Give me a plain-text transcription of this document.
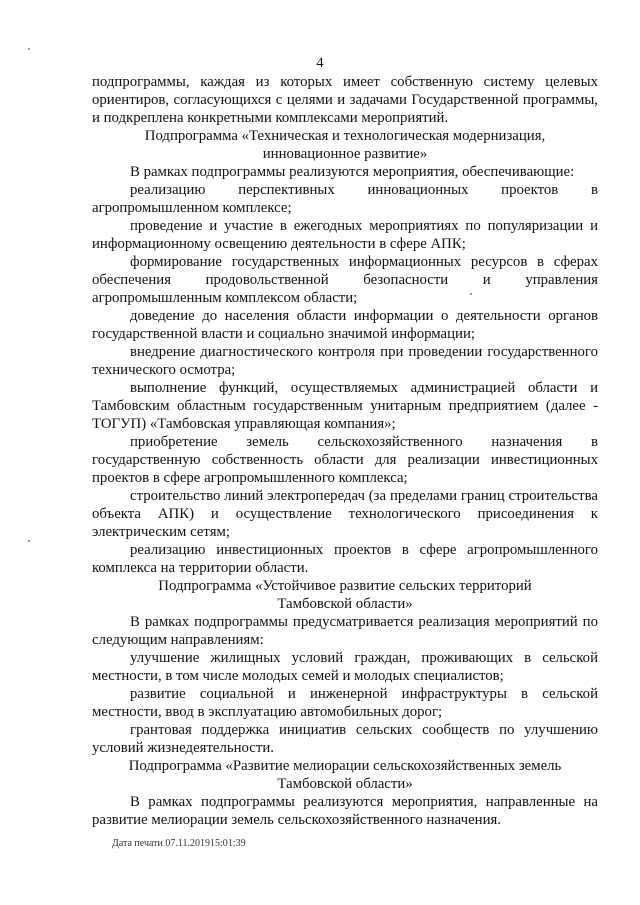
4

подпрограммы, каждая из которых имеет собственную систему целевых ориентиров, согласующихся с целями и задачами Государственной программы, и подкреплена конкретными комплексами мероприятий.

Подпрограмма «Техническая и технологическая модернизация,
инновационное развитие»

В рамках подпрограммы реализуются мероприятия, обеспечивающие:

реализацию перспективных инновационных проектов в агропромышленном комплексе;

проведение и участие в ежегодных мероприятиях по популяризации и информационному освещению деятельности в сфере АПК;

формирование государственных информационных ресурсов в сферах обеспечения продовольственной безопасности и управления агропромышленным комплексом области;

доведение до населения области информации о деятельности органов государственной власти и социально значимой информации;

внедрение диагностического контроля при проведении государственного технического осмотра;

выполнение функций, осуществляемых администрацией области и Тамбовским областным государственным унитарным предприятием (далее - ТОГУП) «Тамбовская управляющая компания»;

приобретение земель сельскохозяйственного назначения в государственную собственность области для реализации инвестиционных проектов в сфере агропромышленного комплекса;

строительство линий электропередач (за пределами границ строительства объекта АПК) и осуществление технологического присоединения к электрическим сетям;

реализацию инвестиционных проектов в сфере агропромышленного комплекса на территории области.

Подпрограмма «Устойчивое развитие сельских территорий
Тамбовской области»

В рамках подпрограммы предусматривается реализация мероприятий по следующим направлениям:

улучшение жилищных условий граждан, проживающих в сельской местности, в том числе молодых семей и молодых специалистов;

развитие социальной и инженерной инфраструктуры в сельской местности, ввод в эксплуатацию автомобильных дорог;

грантовая поддержка инициатив сельских сообществ по улучшению условий жизнедеятельности.

Подпрограмма «Развитие мелиорации сельскохозяйственных земель
Тамбовской области»

В рамках подпрограммы реализуются мероприятия, направленные на развитие мелиорации земель сельскохозяйственного назначения.

Дата печати 07.11.201915:01:39
